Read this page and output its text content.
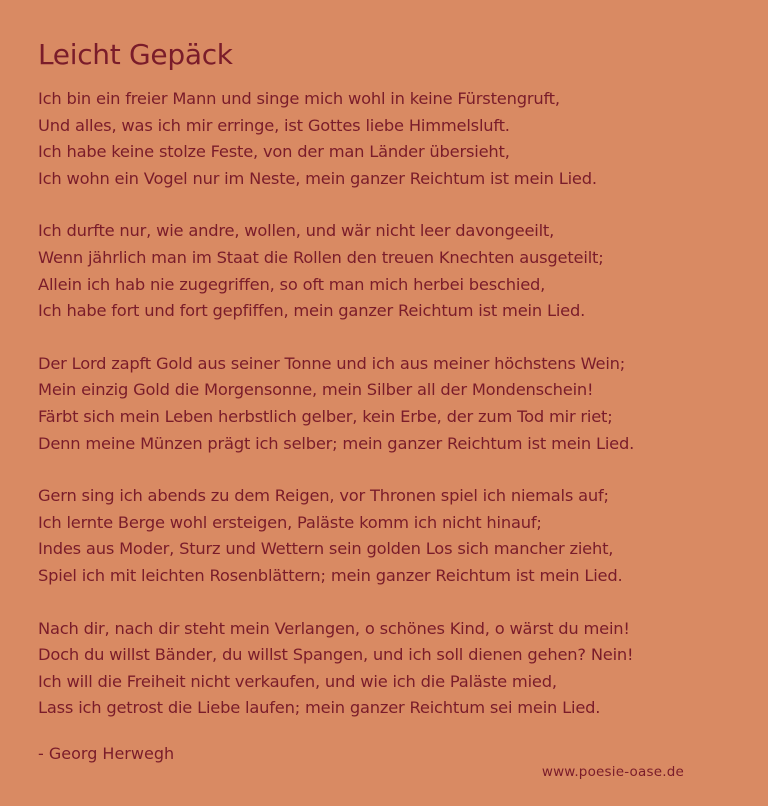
Leicht Gepäck
Ich bin ein freier Mann und singe mich wohl in keine Fürstengruft,
Und alles, was ich mir erringe, ist Gottes liebe Himmelsluft.
Ich habe keine stolze Feste, von der man Länder übersieht,
Ich wohn ein Vogel nur im Neste, mein ganzer Reichtum ist mein Lied.
Ich durfte nur, wie andre, wollen, und wär nicht leer davongeeilt,
Wenn jährlich man im Staat die Rollen den treuen Knechten ausgeteilt;
Allein ich hab nie zugegriffen, so oft man mich herbei beschied,
Ich habe fort und fort gepfiffen, mein ganzer Reichtum ist mein Lied.
Der Lord zapft Gold aus seiner Tonne und ich aus meiner höchstens Wein;
Mein einzig Gold die Morgensonne, mein Silber all der Mondenschein!
Färbt sich mein Leben herbstlich gelber, kein Erbe, der zum Tod mir riet;
Denn meine Münzen prägt ich selber; mein ganzer Reichtum ist mein Lied.
Gern sing ich abends zu dem Reigen, vor Thronen spiel ich niemals auf;
Ich lernte Berge wohl ersteigen, Paläste komm ich nicht hinauf;
Indes aus Moder, Sturz und Wettern sein golden Los sich mancher zieht,
Spiel ich mit leichten Rosenblättern; mein ganzer Reichtum ist mein Lied.
Nach dir, nach dir steht mein Verlangen, o schönes Kind, o wärst du mein!
Doch du willst Bänder, du willst Spangen, und ich soll dienen gehen? Nein!
Ich will die Freiheit nicht verkaufen, und wie ich die Paläste mied,
Lass ich getrost die Liebe laufen; mein ganzer Reichtum sei mein Lied.
- Georg Herwegh
www.poesie-oase.de
